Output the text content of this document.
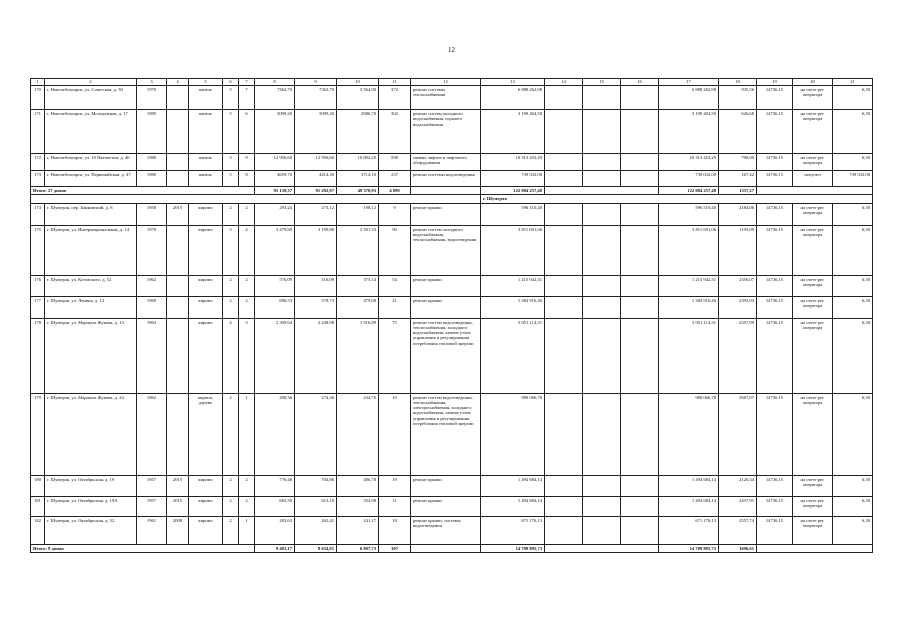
12
1	2	3	4	5	6	7	8	9	10	11	12	13	14	15	16	17	18	19	20	21
170	г. Новочебоксарск, ул. Советская, д. 30	1970		панель	5	7	7362,70	7362,70	3 564,90	372	ремонт системы теплоснабжения	6 888 262,98				6 888 262,98	935,56	14736,15	на счете рег. оператора	6,30
171	г. Новочебоксарск, ул. Молодежная, д. 17	1985		панель	5	6	5099,20	5099,20	2986,70	302	ремонт систем холодного водоснабжения, горячего водоснабжения	3 190 404,50				3 190 404,50	626,68	14736,15	на счете рег. оператора	6,30
172	г. Новочебоксарск, ул. 10 Пятилетки, д. 46	1980		панель	5	9	12 956,60	12 956,60	10 802,20	598	замена лифтов и лифтового оборудования	10 313 453,29				10 313 453,29	796,00	14736,15	на счете рег. оператора	6,30
173	г. Новочебоксарск, ул. Первомайская, д. 47	1980		панель	5	8	4659,70	4414,30	3714,10	237	ремонт системы водоотведения	739 032,00				739 032,00	167,42	14736,15	спецсчет	739 032,00
Итого: 27 домов							91 139,37	91 292,97	49 370,93	4 899		122 084 257,48				122 084 257,48	1337,27			
												г. Шумерля								
174	г. Шумерля, пер. Банковский, д. 8	1958	2015	кирпич	2	2	293,24	273,12	198,12	9	ремонт крыши	596 510,40				596 510,40	2184,06	14736,15	на счете рег. оператора	6,30
175	г. Шумерля, ул. Интернациональная, д. 14	1970		кирпич	5	4	3 479,80	3 199,80	2 501,53	90	ремонт систем холодного водоснабжения, теплоснабжения, водоотведения	3 811 691,06				3 811 691,06	1193,09	14736,15	на счете рег. оператора	6,30
176	г. Шумерля, ул. Котовского, д. 52	1962		кирпич	2	2	576,09	516,09	375,14	54	ремонт крыши	1 215 942,31				1 215 942,31	2356,07	14736,15	на счете рег. оператора	6,30
177	г. Шумерля, ул. Ленина, д. 12	1969		кирпич	2	2	696,53	578,73	479,08	21	ремонт крыши	1 384 916,46				1 384 916,46	2393,03	14736,15	на счете рег. оператора	6,30
178	г. Шумерля, ул. Маршала Жукова, д. 13	1963		кирпич	4	3	2 309,64	2 248,98	1 916,89	75	ремонт систем водоотведения, теплоснабжения, холодного водоснабжения, замена узлов управления и регулирования потребления тепловой энергии	5 051 114,31				5 051 114,31	2357,99	14736,15	на счете рег. оператора	6,30
179	г. Шумерля, ул. Маршала Жукова, д. 24	1962		кирпич, дерево	2	1	298,36	274,36	234,76	10	ремонт систем водоотведения, теплоснабжения, электроснабжения, холодного водоснабжения, замена узлов управления и регулирования потребления тепловой энергии	980 066,78				980 066,78	3567,07	14736,15	на счете рег. оператора	6,30
180	г. Шумерля, ул. Октябрьская, д. 19	1957	2015	кирпич	2	2	776,46	704,86	486,78	19	ремонт крыши	1 494 684,14				1 494 684,14	2120,34	14736,15	на счете рег. оператора	6,30
181	г. Шумерля, ул. Октябрьская, д. 19А	1957	2015	кирпич	2	2	665,50	613,10	354,98	11	ремонт крыши	1 494 684,14				1 494 684,14	2437,91	14736,15	на счете рег. оператора	6,30
182	г. Шумерля, ул. Октябрьская, д. 32	1961	2008	кирпич	2	1	283,63	262,41	241,17	18	ремонт крыши, системы водоотведения	671 176,13				671 176,13	2557,74	14736,15	на счете рег. оператора	6,30
Итого: 9 домов							9 481,17	8 654,81	6 807,73	307		14 709 805,73				14 709 805,73	1696,61			
